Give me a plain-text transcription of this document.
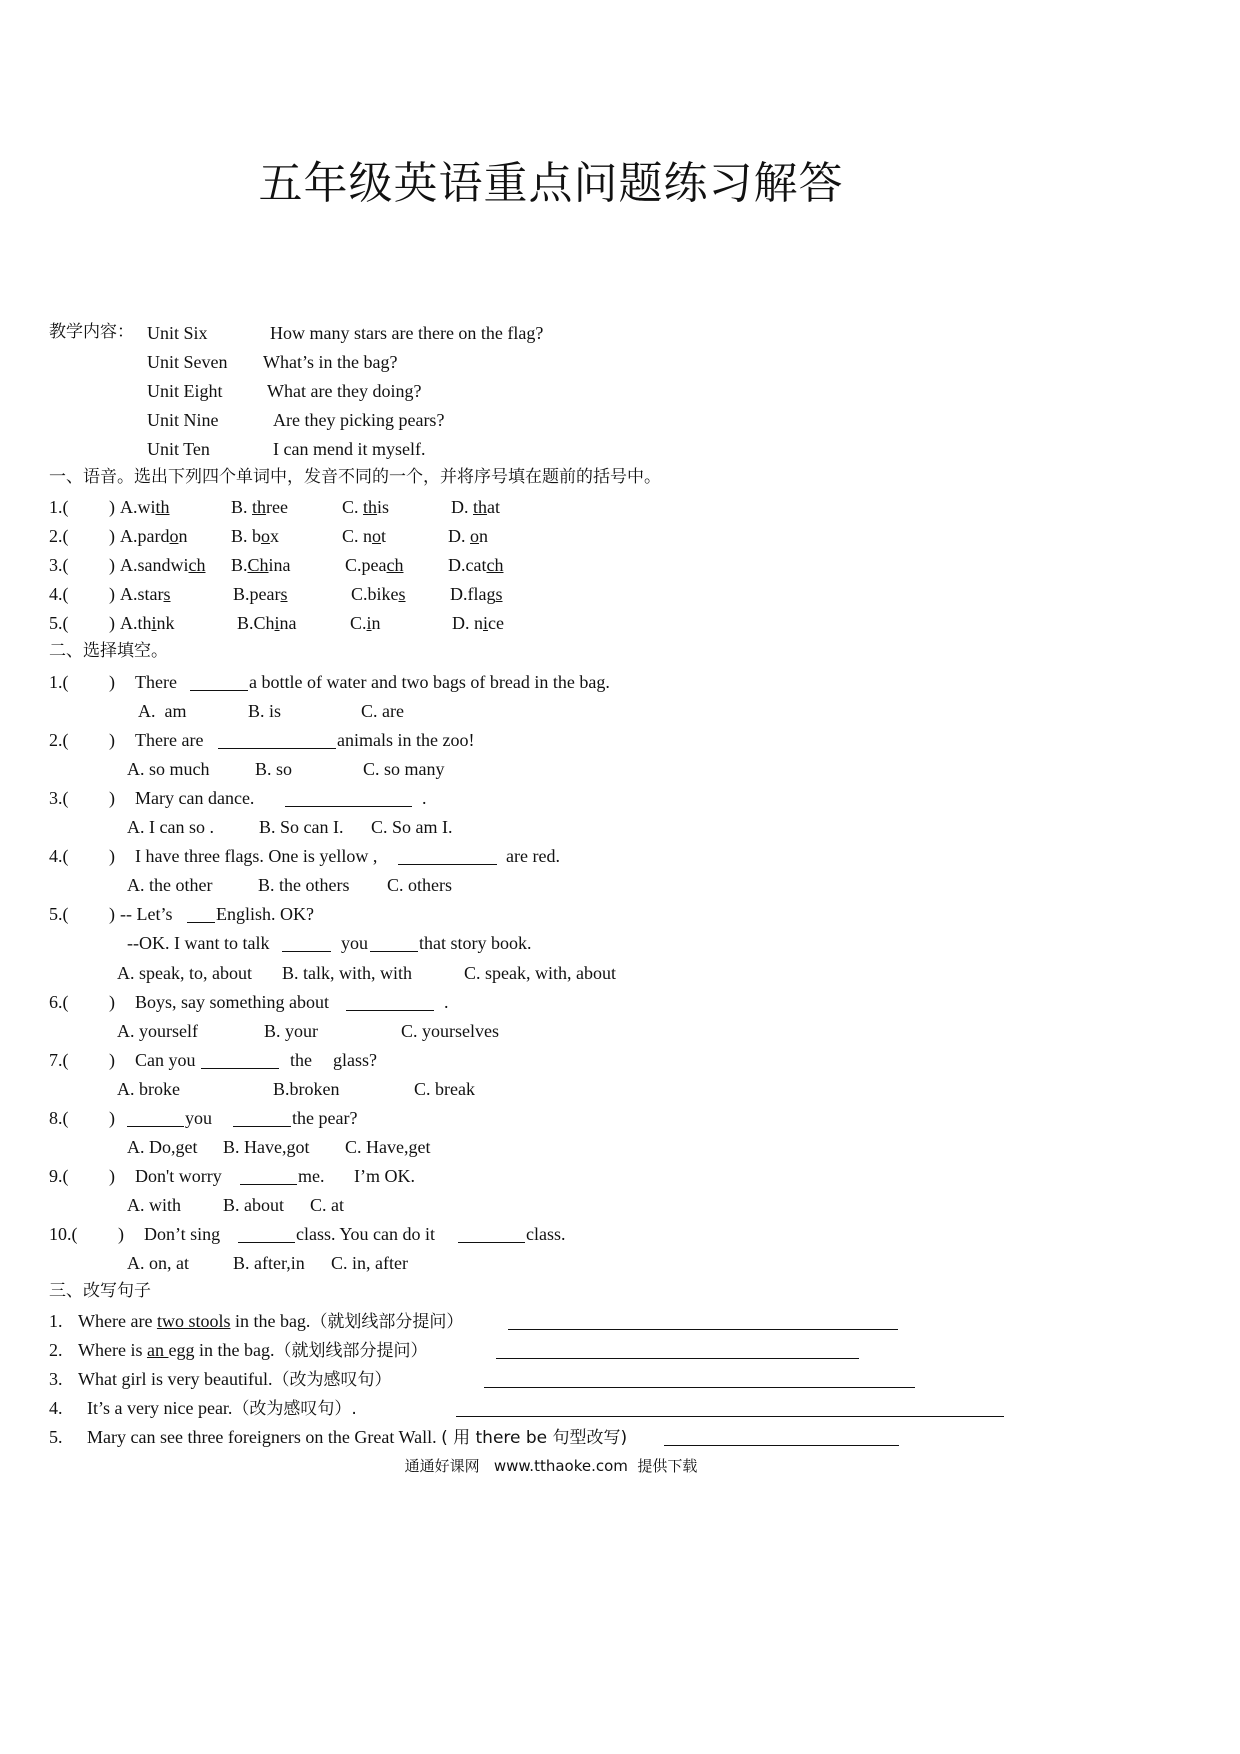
五年级英语重点问题练习解答
教学内容： Unit Six	How many stars are there on the flag?
Unit Seven What’s in the bag?
Unit Eight What are they doing?
Unit Nine	Are they picking pears?
Unit Ten	I can mend it myself.
一、语音。选出下列四个单词中，发音不同的一个，并将序号填在题前的括号中。
1.( ) A.with	B. three	C. this	D. that
2.( ) A.pardon B. box	C. not	D. on
3.( ) A.sandwich B.China	C.peach D.catch
4.( ) A.stars	B.pears	C.bikes D.flags
5.( ) A.think	B.China	C.in	D. nice
二、选择填空。
1.( ) There	a bottle of water and two bags of bread in the bag.
A.  am	B. is	C. are
2.( ) There are	animals in the zoo!
A. so much	B. so	C. so many
3.( ) Mary can dance.	.
A. I can so .	B. So can I. C. So am I.
4.( ) I have three flags. One is yellow ,	are red.
A. the other	B. the others C. others
5.( ) -- Let’s English. OK?
--OK. I want to talk	you	that story book.
A. speak, to, about B. talk, with, with	C. speak, with, about
6.( ) Boys, say something about	.
A. yourself	B. your	C. yourselves
7.( ) Can you	the glass?
A. broke	B.broken	C. break
8.( )	you	the pear?
A. Do,get B. Have,got C. Have,get
9.( ) Don't worry	me. I’m OK.
A. with B. about C. at
10.( ) Don’t sing	class. You can do it	class.
A. on, at B. after,in C. in, after
三、改写句子
1. Where are two stools in the bag.（就划线部分提问）
2. Where is an egg in the bag.（就划线部分提问）
3. What girl is very beautiful.（改为感叹句）
4. It’s a very nice pear.（改为感叹句）.
5. Mary can see three foreigners on the Great Wall. ( 用 there be 句型改写)
通通好课网   www.tthaoke.com  提供下载
